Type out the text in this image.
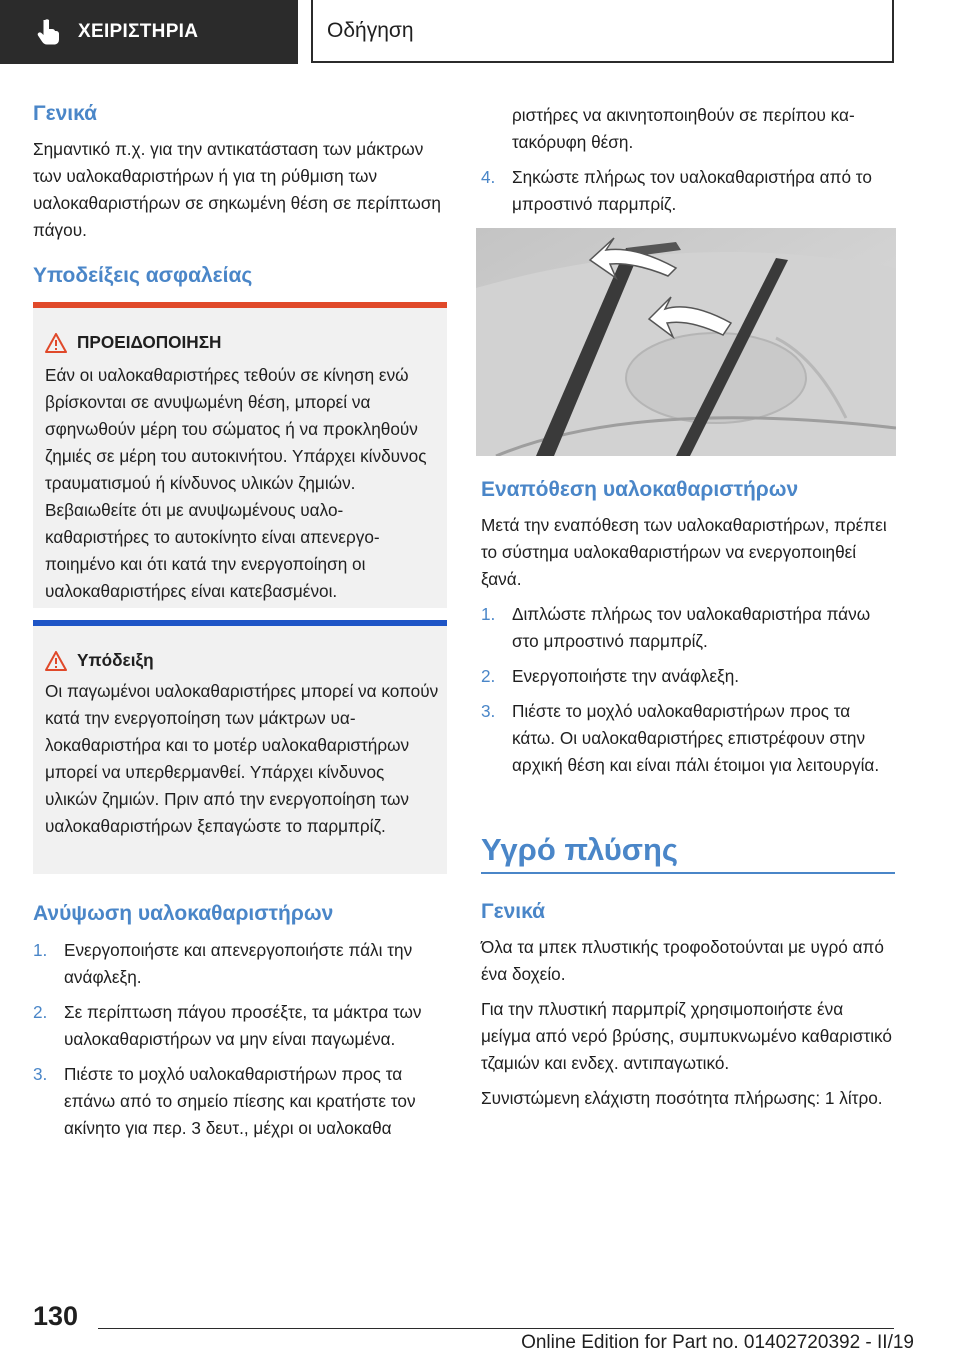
ΧΕΙΡΙΣΤΗΡΙΑ	Οδήγηση
Γενικά

Σημαντικό π.χ. για την αντικατάσταση των μάκτρων των υαλοκαθαριστήρων ή για τη ρύθμιση των υαλοκαθαριστήρων σε σηκωμένη θέση σε περίπτωση πάγου.

Υποδείξεις ασφαλείας
ΠΡΟΕΙΔΟΠΟΙΗΣΗ
Εάν οι υαλοκαθαριστήρες τεθούν σε κίνηση ενώ βρίσκονται σε ανυψωμένη θέση, μπορεί να σφηνωθούν μέρη του σώματος ή να προκληθούν ζημιές σε μέρη του αυτοκινήτου. Υπάρχει κίνδυνος τραυματισμού ή κίνδυνος υλικών ζημιών. Βεβαιωθείτε ότι με ανυψωμένους υαλοκαθαριστήρες το αυτοκίνητο είναι απενεργοποιημένο και ότι κατά την ενεργοποίηση οι υαλοκαθαριστήρες είναι κατεβασμένοι.
Υπόδειξη
Οι παγωμένοι υαλοκαθαριστήρες μπορεί να κοπούν κατά την ενεργοποίηση των μάκτρων υαλοκαθαριστήρα και το μοτέρ υαλοκαθαριστήρων μπορεί να υπερθερμανθεί. Υπάρχει κίνδυνος υλικών ζημιών. Πριν από την ενεργοποίηση των υαλοκαθαριστήρων ξεπαγώστε το παρμπρίζ.
Ανύψωση υαλοκαθαριστήρων
1. Ενεργοποιήστε και απενεργοποιήστε πάλι την ανάφλεξη.
2. Σε περίπτωση πάγου προσέξτε, τα μάκτρα των υαλοκαθαριστήρων να μην είναι παγωμένα.
3. Πιέστε το μοχλό υαλοκαθαριστήρων προς τα επάνω από το σημείο πίεσης και κρατήστε τον ακίνητο για περ. 3 δευτ., μέχρι οι υαλοκαθα
ριστήρες να ακινητοποιηθούν σε περίπου κατακόρυφη θέση.
4. Σηκώστε πλήρως τον υαλοκαθαριστήρα από το μπροστινό παρμπρίζ.
Εναπόθεση υαλοκαθαριστήρων

Μετά την εναπόθεση των υαλοκαθαριστήρων, πρέπει το σύστημα υαλοκαθαριστήρων να ενεργοποιηθεί ξανά.

1. Διπλώστε πλήρως τον υαλοκαθαριστήρα πάνω στο μπροστινό παρμπρίζ.
2. Ενεργοποιήστε την ανάφλεξη.
3. Πιέστε το μοχλό υαλοκαθαριστήρων προς τα κάτω. Οι υαλοκαθαριστήρες επιστρέφουν στην αρχική θέση και είναι πάλι έτοιμοι για λειτουργία.
Υγρό πλύσης
Γενικά

Όλα τα μπεκ πλυστικής τροφοδοτούνται με υγρό από ένα δοχείο.

Για την πλυστική παρμπρίζ χρησιμοποιήστε ένα μείγμα από νερό βρύσης, συμπυκνωμένο καθαριστικό τζαμιών και ενδεχ. αντιπαγωτικό.

Συνιστώμενη ελάχιστη ποσότητα πλήρωσης: 1 λίτρο.

130
Online Edition for Part no. 01402720392 - II/19
